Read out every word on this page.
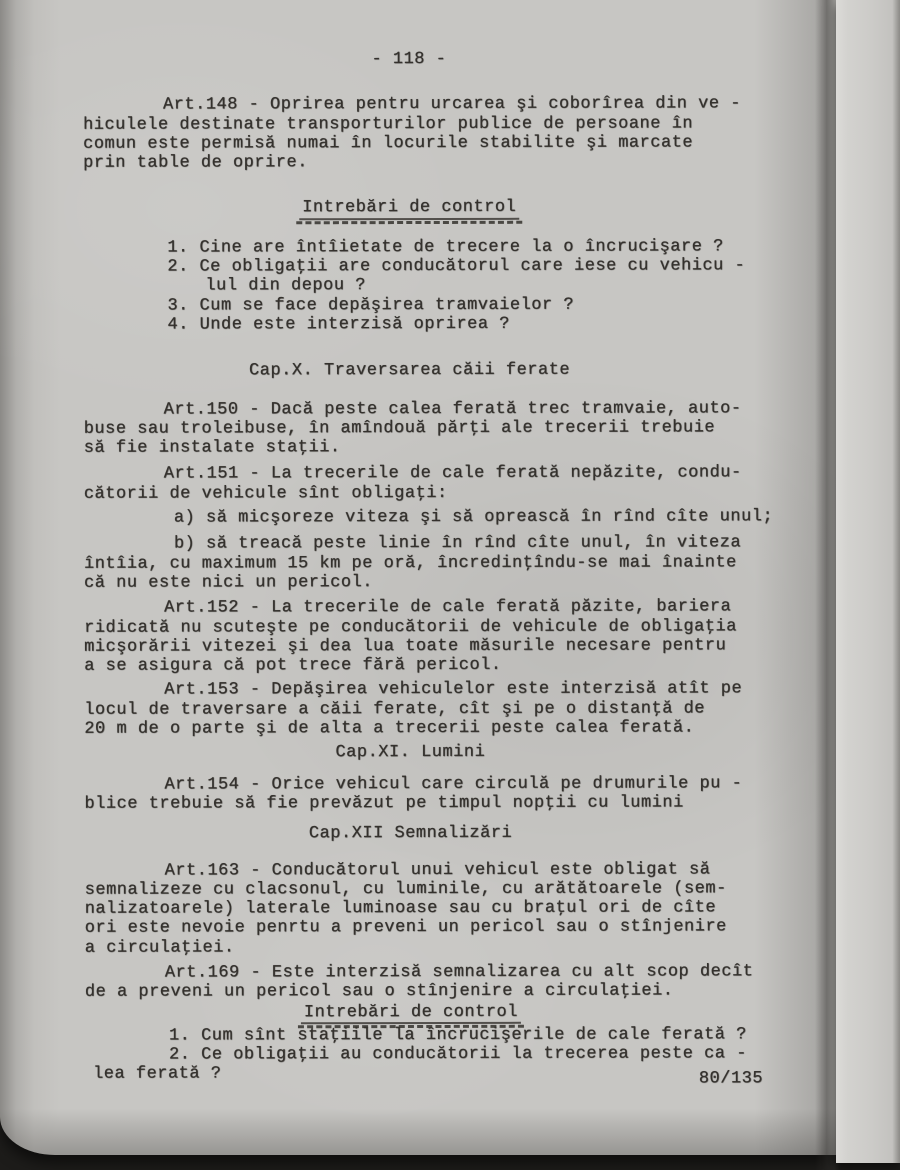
- 118 -
Art.148 - Oprirea pentru urcarea şi coborîrea din ve -
hiculele destinate transporturilor publice de persoane în
comun este permisă numai în locurile stabilite şi marcate
prin table de oprire.
Intrebări de control
1. Cine are întîietate de trecere la o încrucişare ?
2. Ce obligaţii are conducătorul care iese cu vehicu -
lul din depou ?
3. Cum se face depăşirea tramvaielor ?
4. Unde este interzisă oprirea ?
Cap.X. Traversarea căii ferate
Art.150 - Dacă peste calea ferată trec tramvaie, auto-
buse sau troleibuse, în amîndouă părţi ale trecerii trebuie
să fie instalate staţii.
Art.151 - La trecerile de cale ferată nepăzite, condu-
cătorii de vehicule sînt obligaţi:
a) să micşoreze viteza şi să oprească în rînd cîte unul;
b) să treacă peste linie în rînd cîte unul, în viteza
întîia, cu maximum 15 km pe oră, încredinţîndu-se mai înainte
că nu este nici un pericol.
Art.152 - La trecerile de cale ferată păzite, bariera
ridicată nu scuteşte pe conducătorii de vehicule de obligaţia
micşorării vitezei şi dea lua toate măsurile necesare pentru
a se asigura că pot trece fără pericol.
Art.153 - Depăşirea vehiculelor este interzisă atît pe
locul de traversare a căii ferate, cît şi pe o distanţă de
20 m de o parte şi de alta a trecerii peste calea ferată.
Cap.XI. Lumini
Art.154 - Orice vehicul care circulă pe drumurile pu -
blice trebuie să fie prevăzut pe timpul nopţii cu lumini
Cap.XII Semnalizări
Art.163 - Conducătorul unui vehicul este obligat să
semnalizeze cu clacsonul, cu luminile, cu arătătoarele (sem-
nalizatoarele) laterale luminoase sau cu braţul ori de cîte
ori este nevoie penrtu a preveni un pericol sau o stînjenire
a circulaţiei.
Art.169 - Este interzisă semnalizarea cu alt scop decît
de a preveni un pericol sau o stînjenire a circulaţiei.
Intrebări de control
1. Cum sînt staţiile la încrucişerile de cale ferată ?
2. Ce obligaţii au conducătorii la trecerea peste ca -
lea ferată ?	80/135
